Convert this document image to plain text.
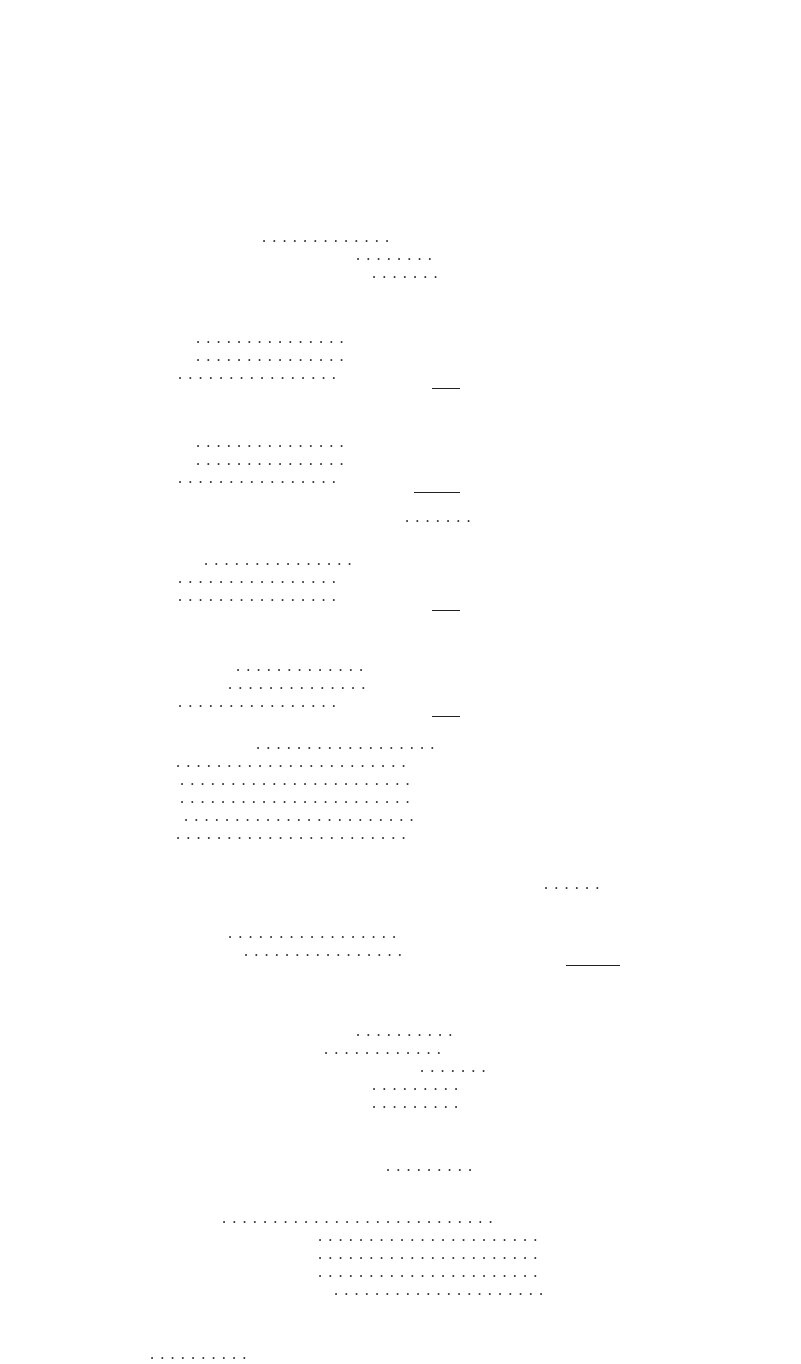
. . . . . . . . . . . . .
. . . . . . . .
. . . . . . .
. . . . . . . . . . . . . . .
. . . . . . . . . . . . . . .
. . . . . . . . . . . . . . . .
. . . . . . . . . . . . . . .
. . . . . . . . . . . . . . .
. . . . . . . . . . . . . . . .
. . . . . . .
. . . . . . . . . . . . . . .
. . . . . . . . . . . . . . . .
. . . . . . . . . . . . . . . .
. . . . . . . . . . . . .
. . . . . . . . . . . . . .
. . . . . . . . . . . . . . . .
. . . . . . . . . . . . . . . . . .
. . . . . . . . . . . . . . . . . . . . . . .
. . . . . . . . . . . . . . . . . . . . . . .
. . . . . . . . . . . . . . . . . . . . . . .
. . . . . . . . . . . . . . . . . . . . . . .
. . . . . . . . . . . . . . . . . . . . . . .
. . . . . .
. . . . . . . . . . . . . . . . .
. . . . . . . . . . . . . . . .
. . . . . . . . . .
. . . . . . . . . . . .
. . . . . . .
. . . . . . . . .
. . . . . . . . .
. . . . . . . . .
. . . . . . . . . . . . . . . . . . . . . . . . . . .
. . . . . . . . . . . . . . . . . . . . . .
. . . . . . . . . . . . . . . . . . . . . .
. . . . . . . . . . . . . . . . . . . . . .
. . . . . . . . . . . . . . . . . . . . .
. . . . . . . . . .
